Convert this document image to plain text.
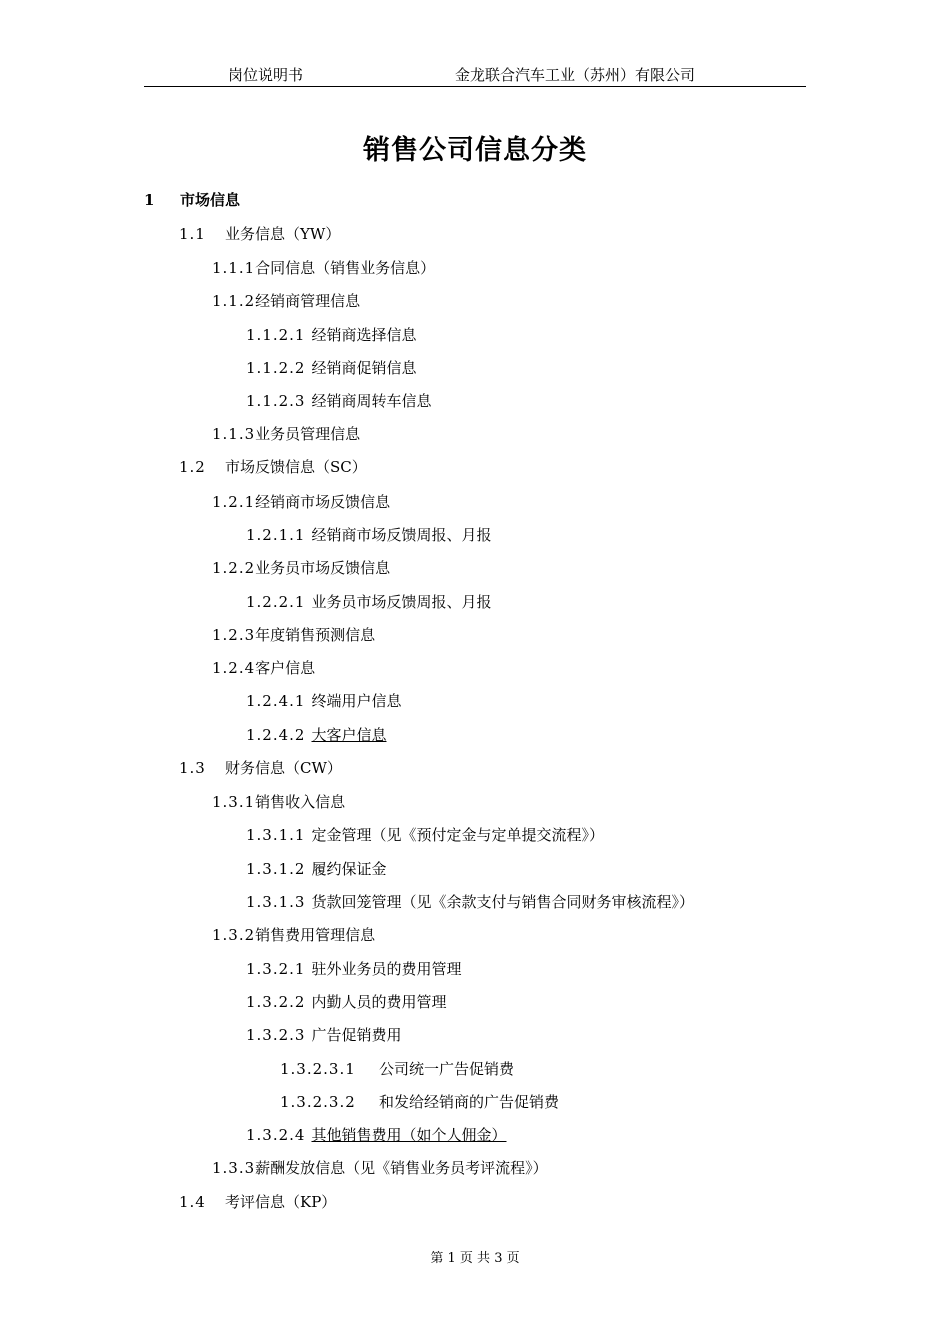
岗位说明书	金龙联合汽车工业（苏州）有限公司
销售公司信息分类
1 市场信息
1.1 业务信息（YW）
1.1.1合同信息（销售业务信息）
1.1.2经销商管理信息
1.1.2.1 经销商选择信息
1.1.2.2 经销商促销信息
1.1.2.3 经销商周转车信息
1.1.3业务员管理信息
1.2 市场反馈信息（SC）
1.2.1经销商市场反馈信息
1.2.1.1 经销商市场反馈周报、月报
1.2.2业务员市场反馈信息
1.2.2.1 业务员市场反馈周报、月报
1.2.3年度销售预测信息
1.2.4客户信息
1.2.4.1 终端用户信息
1.2.4.2 大客户信息
1.3 财务信息（CW）
1.3.1销售收入信息
1.3.1.1 定金管理（见《预付定金与定单提交流程》）
1.3.1.2 履约保证金
1.3.1.3 货款回笼管理（见《余款支付与销售合同财务审核流程》）
1.3.2销售费用管理信息
1.3.2.1 驻外业务员的费用管理
1.3.2.2 内勤人员的费用管理
1.3.2.3 广告促销费用
1.3.2.3.1 公司统一广告促销费
1.3.2.3.2 和发给经销商的广告促销费
1.3.2.4 其他销售费用（如个人佣金）
1.3.3薪酬发放信息（见《销售业务员考评流程》）
1.4 考评信息（KP）
第 1 页 共 3 页
